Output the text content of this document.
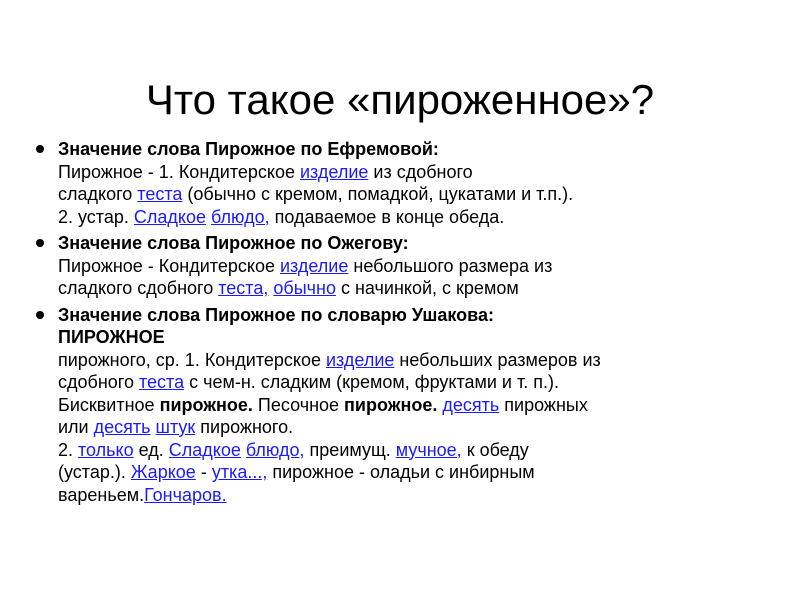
Что такое «пироженное»?
Значение слова Пирожное по Ефремовой:
Пирожное - 1. Кондитерское изделие из сдобного
сладкого теста (обычно с кремом, помадкой, цукатами и т.п.).
2. устар. Сладкое блюдо, подаваемое в конце обеда.
Значение слова Пирожное по Ожегову:
Пирожное - Кондитерское изделие небольшого размера из
сладкого сдобного теста, обычно с начинкой, с кремом
Значение слова Пирожное по словарю Ушакова:
ПИРОЖНОЕ
пирожного, ср. 1. Кондитерское изделие небольших размеров из
сдобного теста с чем-н. сладким (кремом, фруктами и т. п.).
Бисквитное пирожное. Песочное пирожное. десять пирожных
или десять штук пирожного.
2. только ед. Сладкое блюдо, преимущ. мучное, к обеду
(устар.). Жаркое - утка..., пирожное - оладьи с инбирным
вареньем.Гончаров.
